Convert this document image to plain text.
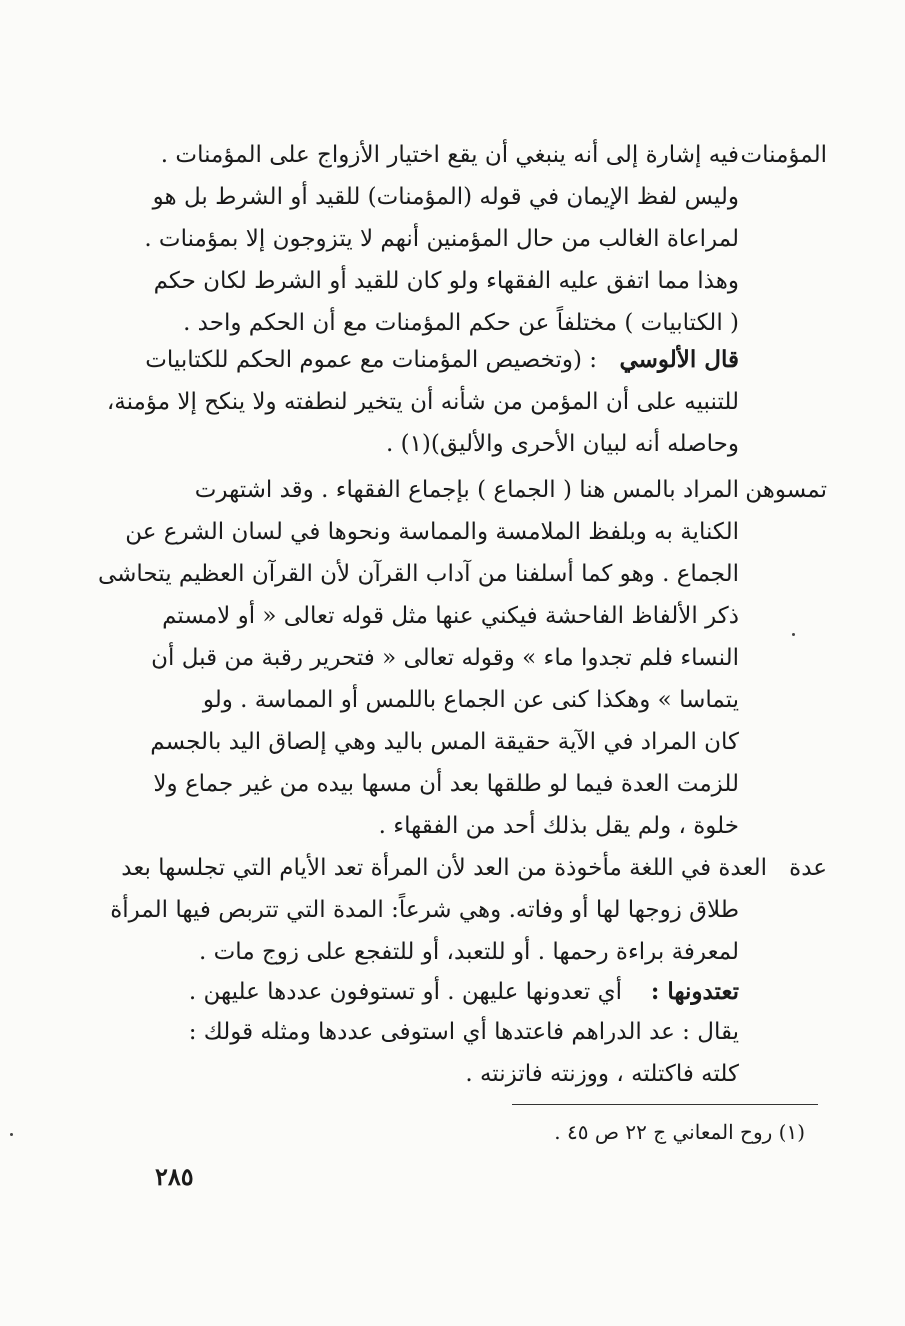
المؤمنات
فيه إشارة إلى أنه ينبغي أن يقع اختيار الأزواج على المؤمنات .
وليس لفظ الإيمان في قوله (المؤمنات) للقيد أو الشرط بل هو
لمراعاة الغالب من حال المؤمنين أنهم لا يتزوجون إلا بمؤمنات .
وهذا مما اتفق عليه الفقهاء ولو كان للقيد أو الشرط لكان حكم
( الكتابيات ) مختلفاً عن حكم المؤمنات مع أن الحكم واحد .
قال الألوسي
: (وتخصيص المؤمنات مع عموم الحكم للكتابيات
للتنبيه على أن المؤمن من شأنه أن يتخير لنطفته ولا ينكح إلا مؤمنة،
وحاصله أنه لبيان الأحرى والأليق)(١) .
تمسوهن
المراد بالمس هنا ( الجماع ) بإجماع الفقهاء . وقد اشتهرت
الكناية به وبلفظ الملامسة والمماسة ونحوها في لسان الشرع عن
الجماع . وهو كما أسلفنا من آداب القرآن لأن القرآن العظيم يتحاشى
ذكر الألفاظ الفاحشة فيكني عنها مثل قوله تعالى « أو لامستم
النساء فلم تجدوا ماء » وقوله تعالى « فتحرير رقبة من قبل أن
يتماسا » وهكذا كنى عن الجماع باللمس أو المماسة . ولو
كان المراد في الآية حقيقة المس باليد وهي إلصاق اليد بالجسم
للزمت العدة فيما لو طلقها بعد أن مسها بيده من غير جماع ولا
خلوة ، ولم يقل بذلك أحد من الفقهاء .
عدة
العدة في اللغة مأخوذة من العد لأن المرأة تعد الأيام التي تجلسها بعد
طلاق زوجها لها أو وفاته. وهي شرعاً: المدة التي تتربص فيها المرأة
لمعرفة براءة رحمها . أو للتعبد، أو للتفجع على زوج مات .
تعتدونها :
أي تعدونها عليهن . أو تستوفون عددها عليهن .
يقال : عد الدراهم فاعتدها أي استوفى عددها ومثله قولك :
كلته فاكتلته ، ووزنته فاتزنته .
(١) روح المعاني ج ٢٢ ص ٤٥ .
٢٨٥
